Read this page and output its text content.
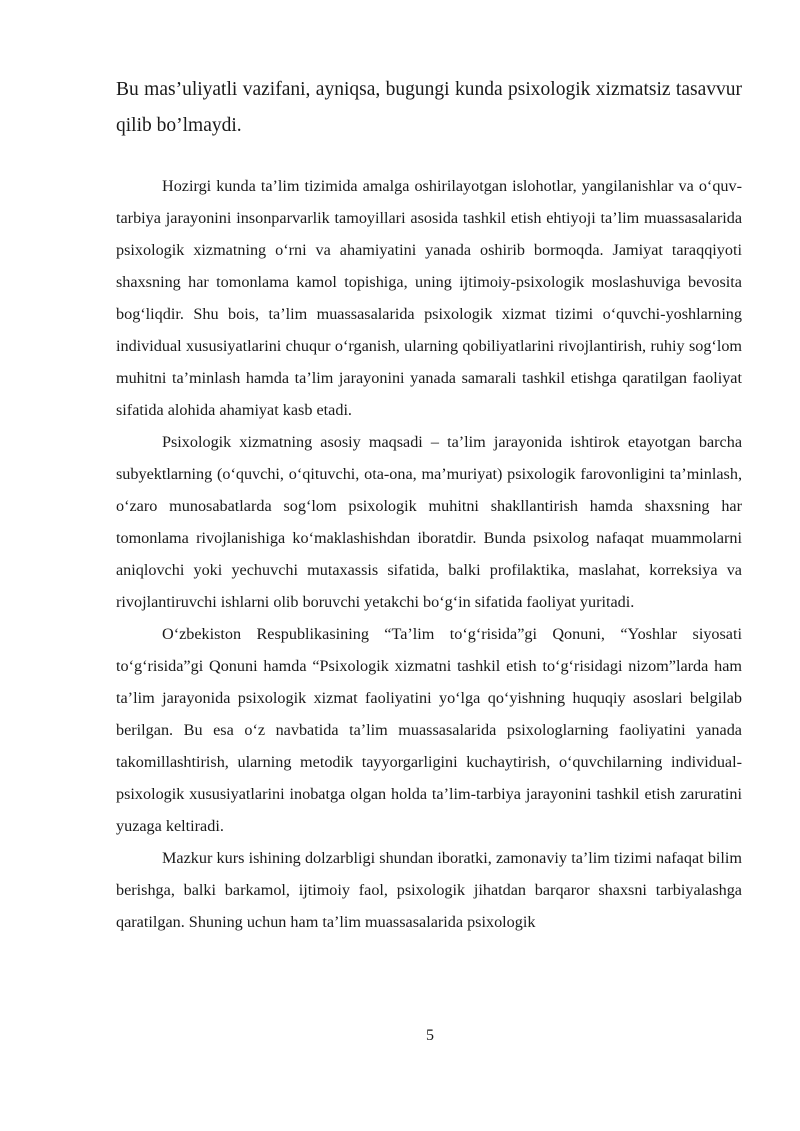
Bu mas’uliyatli vazifani, ayniqsa, bugungi kunda psixologik xizmatsiz tasavvur qilib bo’lmaydi.

Hozirgi kunda ta’lim tizimida amalga oshirilayotgan islohotlar, yangilanishlar va o‘quv-tarbiya jarayonini insonparvarlik tamoyillari asosida tashkil etish ehtiyoji ta’lim muassasalarida psixologik xizmatning o‘rni va ahamiyatini yanada oshirib bormoqda. Jamiyat taraqqiyoti shaxsning har tomonlama kamol topishiga, uning ijtimoiy-psixologik moslashuviga bevosita bog‘liqdir. Shu bois, ta’lim muassasalarida psixologik xizmat tizimi o‘quvchi-yoshlarning individual xususiyatlarini chuqur o‘rganish, ularning qobiliyatlarini rivojlantirish, ruhiy sog‘lom muhitni ta’minlash hamda ta’lim jarayonini yanada samarali tashkil etishga qaratilgan faoliyat sifatida alohida ahamiyat kasb etadi.

Psixologik xizmatning asosiy maqsadi – ta’lim jarayonida ishtirok etayotgan barcha subyektlarning (o‘quvchi, o‘qituvchi, ota-ona, ma’muriyat) psixologik farovonligini ta’minlash, o‘zaro munosabatlarda sog‘lom psixologik muhitni shakllantirish hamda shaxsning har tomonlama rivojlanishiga ko‘maklashishdan iboratdir. Bunda psixolog nafaqat muammolarni aniqlovchi yoki yechuvchi mutaxassis sifatida, balki profilaktika, maslahat, korreksiya va rivojlantiruvchi ishlarni olib boruvchi yetakchi bo‘g‘in sifatida faoliyat yuritadi.

O‘zbekiston Respublikasining “Ta’lim to‘g‘risida”gi Qonuni, “Yoshlar siyosati to‘g‘risida”gi Qonuni hamda “Psixologik xizmatni tashkil etish to‘g‘risidagi nizom”larda ham ta’lim jarayonida psixologik xizmat faoliyatini yo‘lga qo‘yishning huquqiy asoslari belgilab berilgan. Bu esa o‘z navbatida ta’lim muassasalarida psixologlarning faoliyatini yanada takomillashtirish, ularning metodik tayyorgarligini kuchaytirish, o‘quvchilarning individual-psixologik xususiyatlarini inobatga olgan holda ta’lim-tarbiya jarayonini tashkil etish zaruratini yuzaga keltiradi.

Mazkur kurs ishining dolzarbligi shundan iboratki, zamonaviy ta’lim tizimi nafaqat bilim berishga, balki barkamol, ijtimoiy faol, psixologik jihatdan barqaror shaxsni tarbiyalashga qaratilgan. Shuning uchun ham ta’lim muassasalarida psixologik

5
